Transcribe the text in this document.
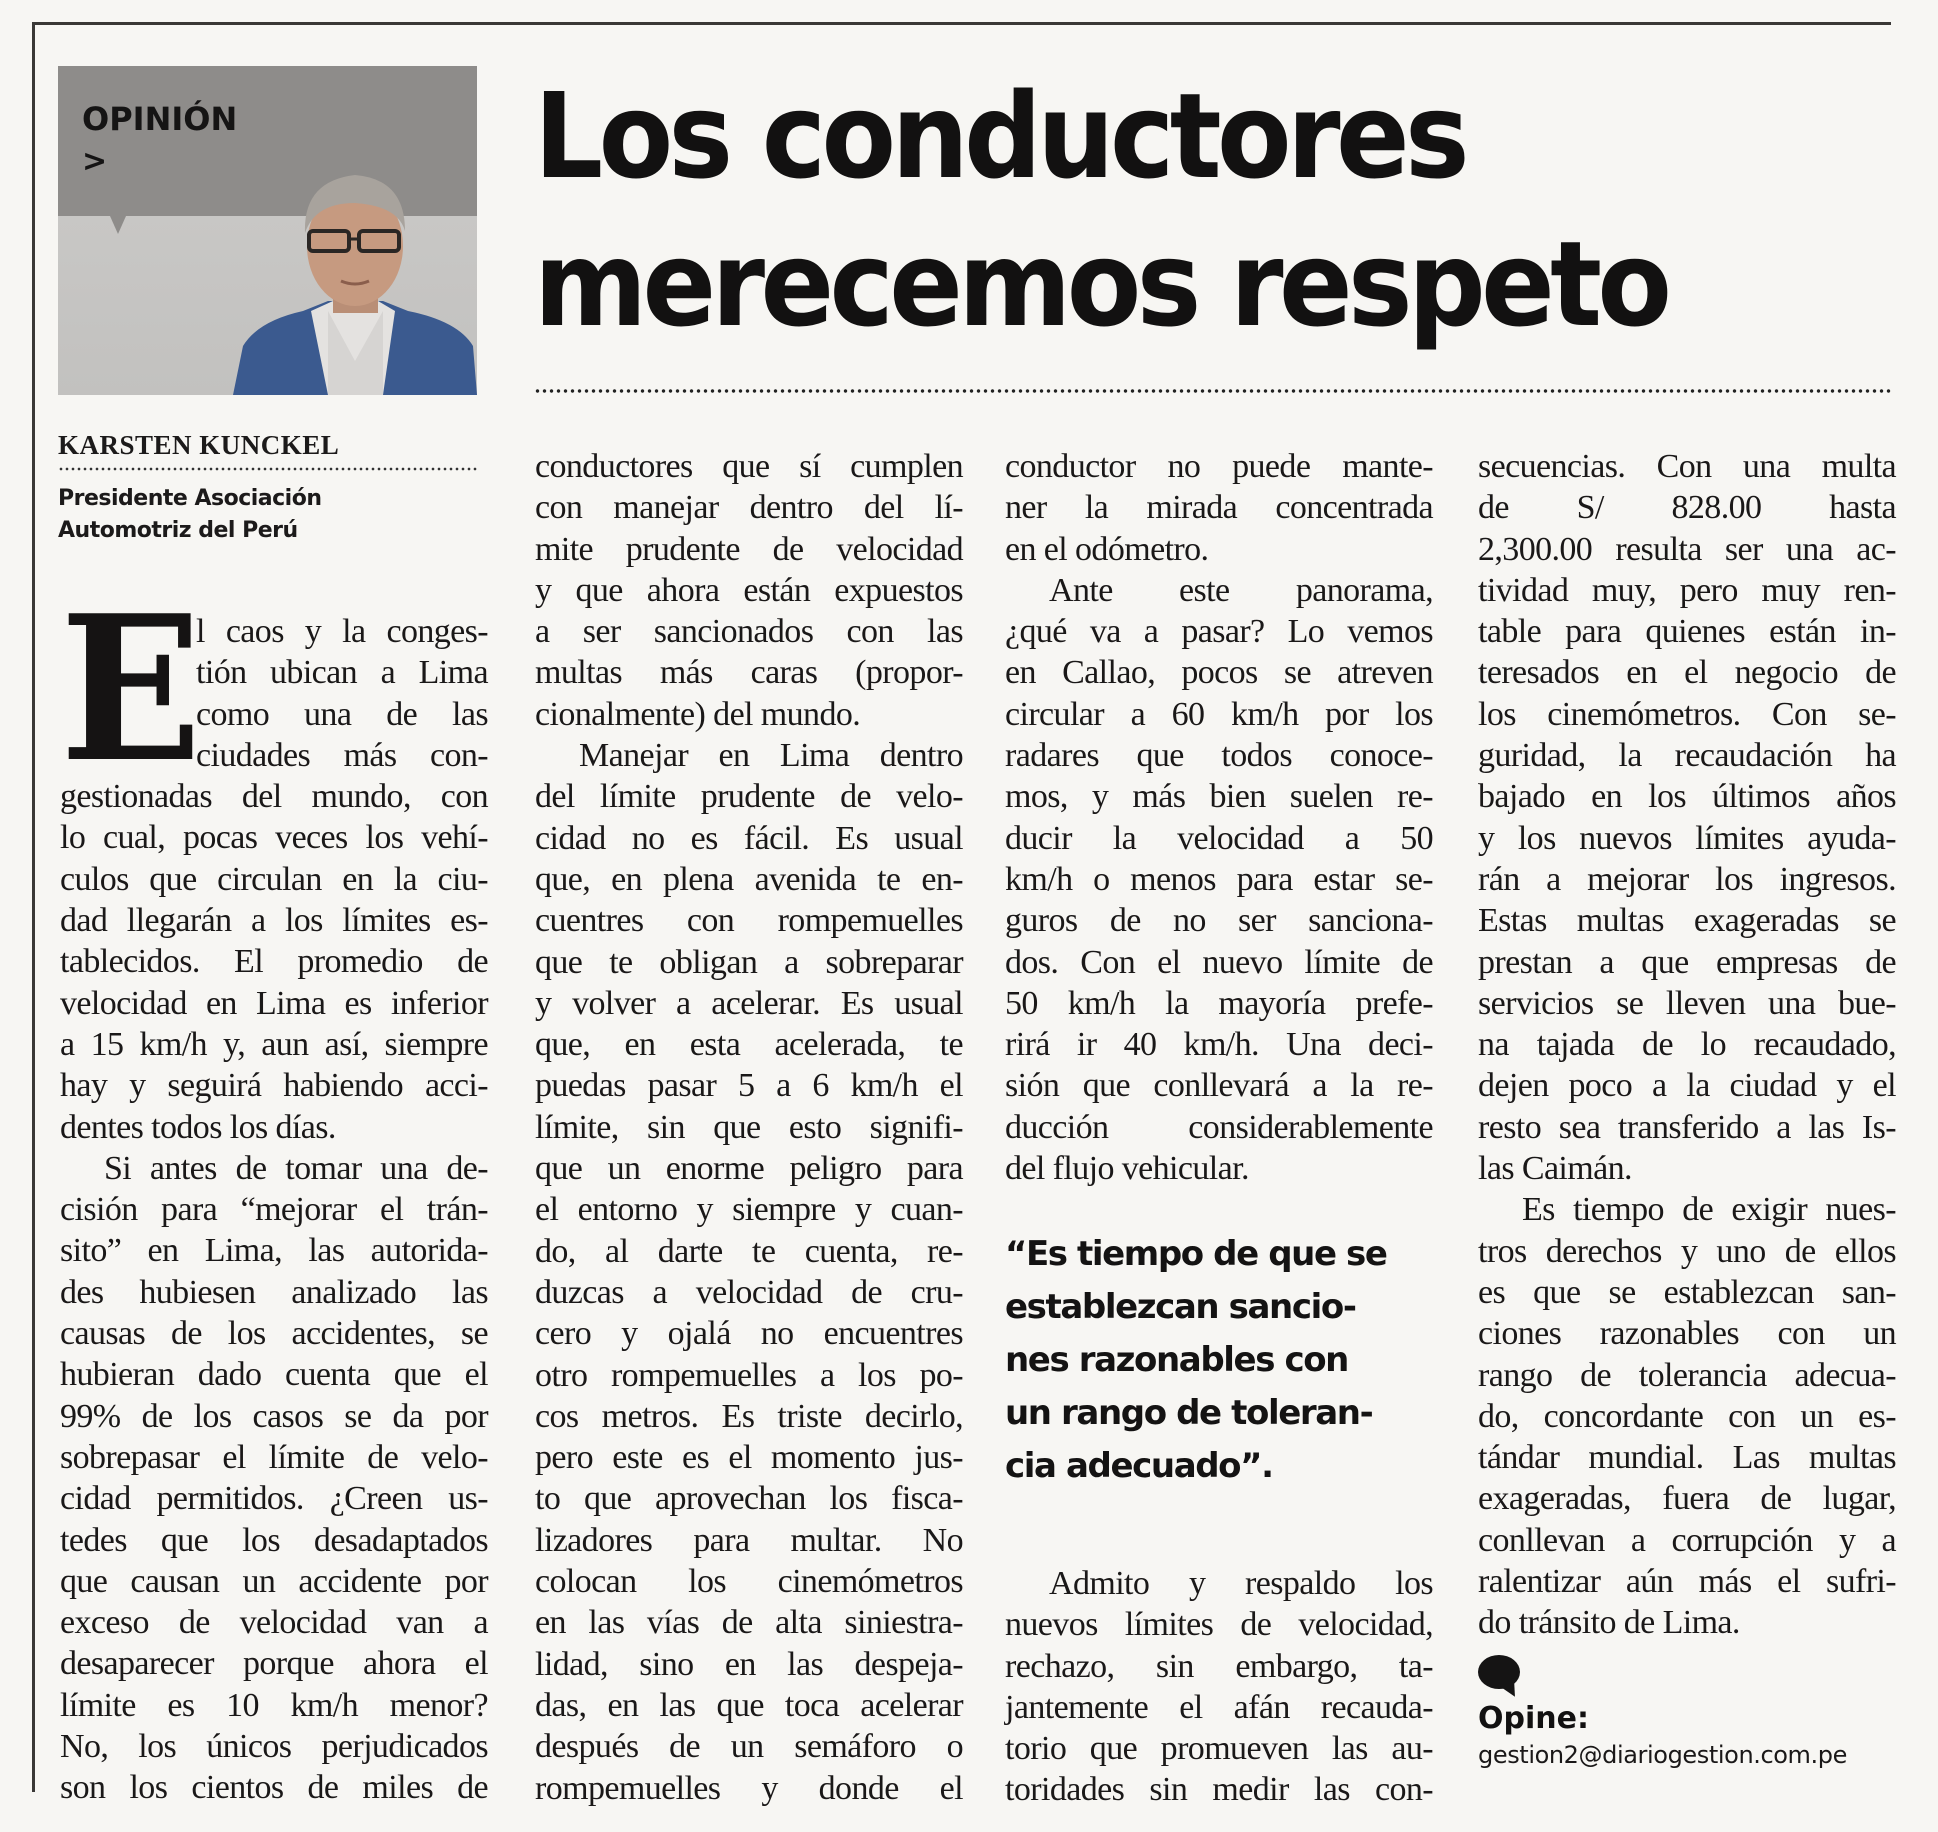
OPINIÓN
>	Los conductores
merecemos respeto
KARSTEN KUNCKEL
Presidente Asociación
Automotriz del Perú
E
l caos y la conges-
tión ubican a Lima
como una de las
ciudades más con-
gestionadas del mundo, con
lo cual, pocas veces los vehí-
culos que circulan en la ciu-
dad llegarán a los límites es-
tablecidos. El promedio de
velocidad en Lima es inferior
a 15 km/h y, aun así, siempre
hay y seguirá habiendo acci-
dentes todos los días.
Si antes de tomar una de-
cisión para “mejorar el trán-
sito” en Lima, las autorida-
des hubiesen analizado las
causas de los accidentes, se
hubieran dado cuenta que el
99% de los casos se da por
sobrepasar el límite de velo-
cidad permitidos. ¿Creen us-
tedes que los desadaptados
que causan un accidente por
exceso de velocidad van a
desaparecer porque ahora el
límite es 10 km/h menor?
No, los únicos perjudicados
son los cientos de miles de
conductores que sí cumplen
con manejar dentro del lí-
mite prudente de velocidad
y que ahora están expuestos
a ser sancionados con las
multas más caras (propor-
cionalmente) del mundo.
Manejar en Lima dentro
del límite prudente de velo-
cidad no es fácil. Es usual
que, en plena avenida te en-
cuentres con rompemuelles
que te obligan a sobreparar
y volver a acelerar. Es usual
que, en esta acelerada, te
puedas pasar 5 a 6 km/h el
límite, sin que esto signifi-
que un enorme peligro para
el entorno y siempre y cuan-
do, al darte te cuenta, re-
duzcas a velocidad de cru-
cero y ojalá no encuentres
otro rompemuelles a los po-
cos metros. Es triste decirlo,
pero este es el momento jus-
to que aprovechan los fisca-
lizadores para multar. No
colocan los cinemómetros
en las vías de alta siniestra-
lidad, sino en las despeja-
das, en las que toca acelerar
después de un semáforo o
rompemuelles y donde el
conductor no puede mante-
ner la mirada concentrada
en el odómetro.
Ante este panorama,
¿qué va a pasar? Lo vemos
en Callao, pocos se atreven
circular a 60 km/h por los
radares que todos conoce-
mos, y más bien suelen re-
ducir la velocidad a 50
km/h o menos para estar se-
guros de no ser sanciona-
dos. Con el nuevo límite de
50 km/h la mayoría prefe-
rirá ir 40 km/h. Una deci-
sión que conllevará a la re-
ducción considerablemente
del flujo vehicular.
“Es tiempo de que se
establezcan sancio-
nes razonables con
un rango de toleran-
cia adecuado”.
Admito y respaldo los
nuevos límites de velocidad,
rechazo, sin embargo, ta-
jantemente el afán recauda-
torio que promueven las au-
toridades sin medir las con-
secuencias. Con una multa
de S/ 828.00 hasta
2,300.00 resulta ser una ac-
tividad muy, pero muy ren-
table para quienes están in-
teresados en el negocio de
los cinemómetros. Con se-
guridad, la recaudación ha
bajado en los últimos años
y los nuevos límites ayuda-
rán a mejorar los ingresos.
Estas multas exageradas se
prestan a que empresas de
servicios se lleven una bue-
na tajada de lo recaudado,
dejen poco a la ciudad y el
resto sea transferido a las Is-
las Caimán.
Es tiempo de exigir nues-
tros derechos y uno de ellos
es que se establezcan san-
ciones razonables con un
rango de tolerancia adecua-
do, concordante con un es-
tándar mundial. Las multas
exageradas, fuera de lugar,
conllevan a corrupción y a
ralentizar aún más el sufri-
do tránsito de Lima.
Opine:
gestion2@diariogestion.com.pe
